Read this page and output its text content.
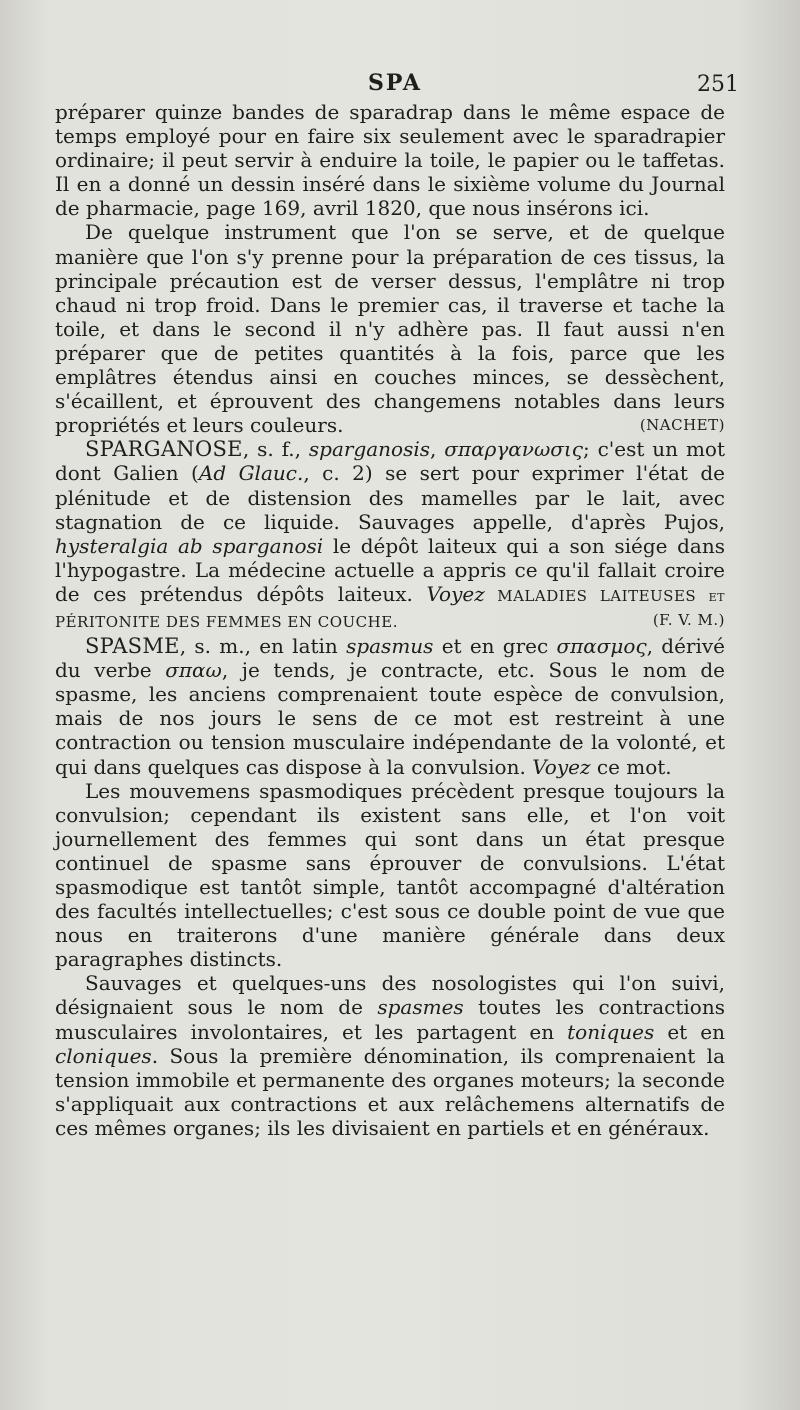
SPA	251

préparer quinze bandes de sparadrap dans le même espace de temps employé pour en faire six seulement avec le sparadrapier ordinaire; il peut servir à enduire la toile, le papier ou le taffetas. Il en a donné un dessin inséré dans le sixième volume du Journal de pharmacie, page 169, avril 1820, que nous insérons ici.

De quelque instrument que l'on se serve, et de quelque manière que l'on s'y prenne pour la préparation de ces tissus, la principale précaution est de verser dessus, l'emplâtre ni trop chaud ni trop froid. Dans le premier cas, il traverse et tache la toile, et dans le second il n'y adhère pas. Il faut aussi n'en préparer que de petites quantités à la fois, parce que les emplâtres étendus ainsi en couches minces, se dessèchent, s'écaillent, et éprouvent des changemens notables dans leurs propriétés et leurs couleurs.	(NACHET)

SPARGANOSE, s. f., sparganosis, σπαργανωσις; c'est un mot dont Galien (Ad Glauc., c. 2) se sert pour exprimer l'état de plénitude et de distension des mamelles par le lait, avec stagnation de ce liquide. Sauvages appelle, d'après Pujos, hysteralgia ab sparganosi le dépôt laiteux qui a son siége dans l'hypogastre. La médecine actuelle a appris ce qu'il fallait croire de ces prétendus dépôts laiteux. Voyez MALADIES LAITEUSES et PÉRITONITE DES FEMMES EN COUCHE.	(F. V. M.)

SPASME, s. m., en latin spasmus et en grec σπασμος, dérivé du verbe σπαω, je tends, je contracte, etc. Sous le nom de spasme, les anciens comprenaient toute espèce de convulsion, mais de nos jours le sens de ce mot est restreint à une contraction ou tension musculaire indépendante de la volonté, et qui dans quelques cas dispose à la convulsion. Voyez ce mot.

Les mouvemens spasmodiques précèdent presque toujours la convulsion; cependant ils existent sans elle, et l'on voit journellement des femmes qui sont dans un état presque continuel de spasme sans éprouver de convulsions. L'état spasmodique est tantôt simple, tantôt accompagné d'altération des facultés intellectuelles; c'est sous ce double point de vue que nous en traiterons d'une manière générale dans deux paragraphes distincts.

Sauvages et quelques-uns des nosologistes qui l'on suivi, désignaient sous le nom de spasmes toutes les contractions musculaires involontaires, et les partagent en toniques et en cloniques. Sous la première dénomination, ils comprenaient la tension immobile et permanente des organes moteurs; la seconde s'appliquait aux contractions et aux relâchemens alternatifs de ces mêmes organes; ils les divisaient en partiels et en généraux.
